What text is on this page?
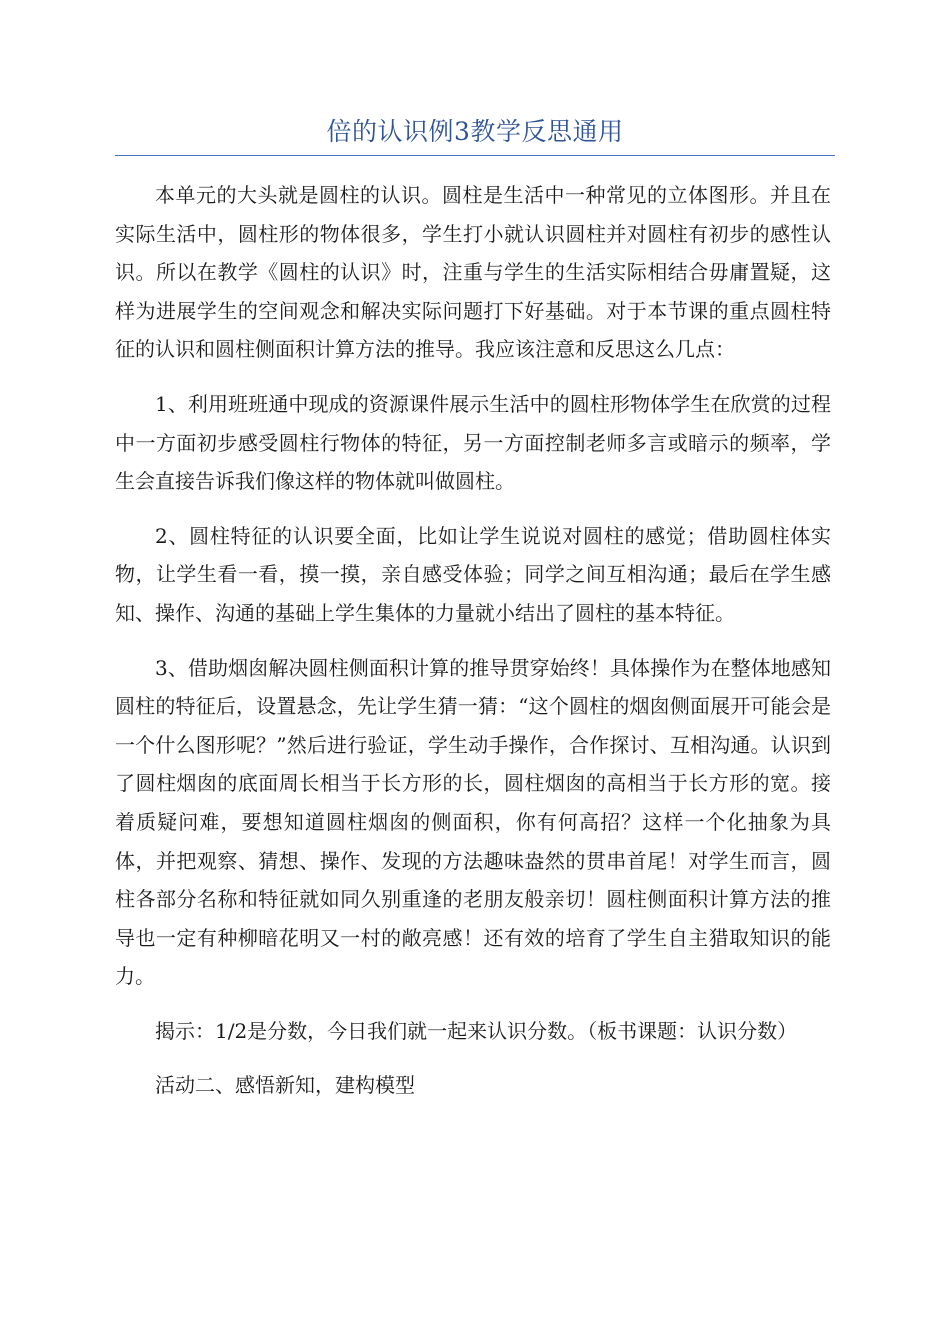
倍的认识例3教学反思通用

本单元的大头就是圆柱的认识。圆柱是生活中一种常见的立体图形。并且在实际生活中，圆柱形的物体很多，学生打小就认识圆柱并对圆柱有初步的感性认识。所以在教学《圆柱的认识》时，注重与学生的生活实际相结合毋庸置疑，这样为进展学生的空间观念和解决实际问题打下好基础。对于本节课的重点圆柱特征的认识和圆柱侧面积计算方法的推导。我应该注意和反思这么几点：

1、利用班班通中现成的资源课件展示生活中的圆柱形物体学生在欣赏的过程中一方面初步感受圆柱行物体的特征，另一方面控制老师多言或暗示的频率，学生会直接告诉我们像这样的物体就叫做圆柱。

2、圆柱特征的认识要全面，比如让学生说说对圆柱的感觉；借助圆柱体实物，让学生看一看，摸一摸，亲自感受体验；同学之间互相沟通；最后在学生感知、操作、沟通的基础上学生集体的力量就小结出了圆柱的基本特征。

3、借助烟囱解决圆柱侧面积计算的推导贯穿始终！具体操作为在整体地感知圆柱的特征后，设置悬念，先让学生猜一猜：“这个圆柱的烟囱侧面展开可能会是一个什么图形呢？”然后进行验证，学生动手操作，合作探讨、互相沟通。认识到了圆柱烟囱的底面周长相当于长方形的长，圆柱烟囱的高相当于长方形的宽。接着质疑问难，要想知道圆柱烟囱的侧面积，你有何高招？这样一个化抽象为具体，并把观察、猜想、操作、发现的方法趣味盎然的贯串首尾！对学生而言，圆柱各部分名称和特征就如同久别重逢的老朋友般亲切！圆柱侧面积计算方法的推导也一定有种柳暗花明又一村的敞亮感！还有效的培育了学生自主猎取知识的能力。

揭示：1/2是分数，今日我们就一起来认识分数。（板书课题：认识分数）

活动二、感悟新知，建构模型
